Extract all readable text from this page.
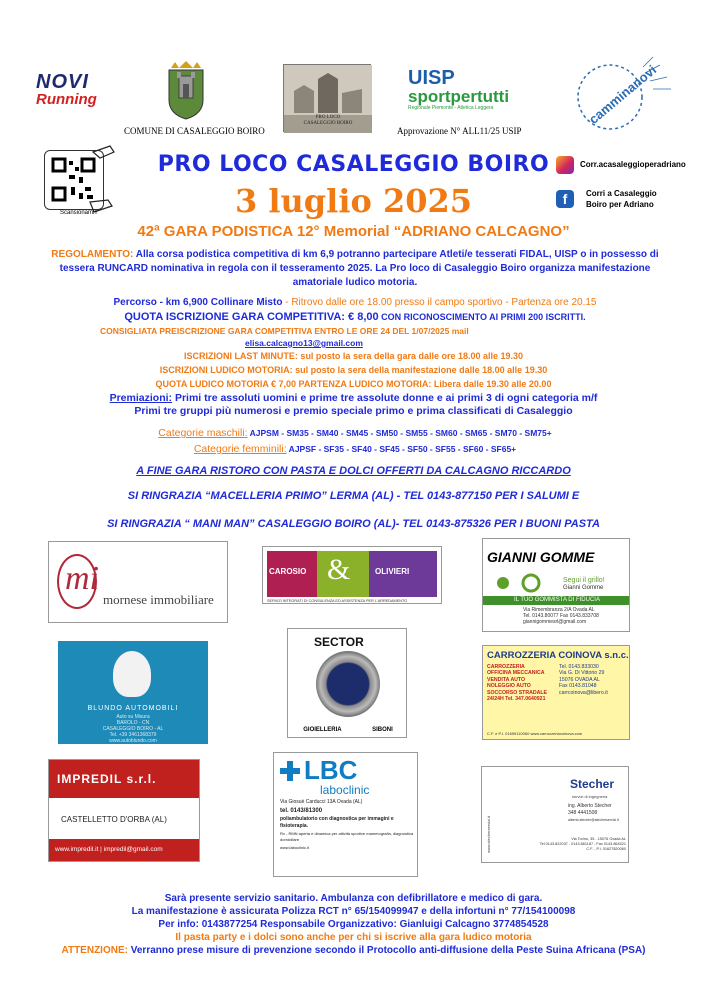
NOVI
Running
COMUNE DI CASALEGGIO BOIRO
PRO LOCO
CASALEGGIO BOIRO
UISP
sportpertutti
Regionale Piemonte - Atletica Leggera
Approvazione N° ALL11/25 USIP
camminanovi
Scansionami!!
PRO LOCO CASALEGGIO BOIRO
3 luglio 2025
Corr.acasaleggioperadriano
f	Corri a Casaleggio
Boiro per Adriano
42ª GARA PODISTICA 12° Memorial “ADRIANO CALCAGNO”
REGOLAMENTO: Alla corsa podistica competitiva di km 6,9 potranno partecipare Atleti/e tesserati FIDAL, UISP o in possesso di tessera RUNCARD nominativa in regola con il tesseramento 2025. La Pro loco di Casaleggio Boiro organizza manifestazione amatoriale ludico motoria.
Percorso - km 6,900 Collinare Misto - Ritrovo dalle ore 18.00 presso il campo sportivo - Partenza ore 20.15
QUOTA ISCRIZIONE GARA COMPETITIVA: € 8,00 CON RICONOSCIMENTO AI PRIMI 200 ISCRITTI.
CONSIGLIATA PREISCRIZIONE GARA COMPETITIVA ENTRO LE ORE 24 DEL 1/07/2025 mail
elisa.calcagno13@gmail.com
ISCRIZIONI LAST MINUTE: sul posto la sera della gara dalle ore 18.00 alle 19.30
ISCRIZIONI LUDICO MOTORIA: sul posto la sera della manifestazione dalle 18.00 alle 19.30
QUOTA LUDICO MOTORIA € 7,00 PARTENZA LUDICO MOTORIA: Libera dalle 19.30 alle 20.00
Premiazioni: Primi tre assoluti uomini e prime tre assolute donne e ai primi 3 di ogni categoria m/f
Primi tre gruppi più numerosi e premio speciale primo e prima classificati di Casaleggio
Categorie maschili: AJPSM - SM35 - SM40 - SM45 - SM50 - SM55 - SM60 - SM65 - SM70 - SM75+
Categorie femminili: AJPSF - SF35 - SF40 - SF45 - SF50 - SF55 - SF60 - SF65+
A FINE GARA RISTORO CON PASTA E DOLCI OFFERTI DA CALCAGNO RICCARDO
SI RINGRAZIA “MACELLERIA PRIMO” LERMA (AL) - TEL 0143-877150 PER I SALUMI E
SI RINGRAZIA “ MANI MAN” CASALEGGIO BOIRO (AL)- TEL 0143-875326 PER I BUONI PASTA
mi
mornese immobiliare
CAROSIO &	OLIVIERI
SERVIZI INTEGRATI DI CONSULENZA ED ASSISTENZA PER L'ARREDAMENTO
GIANNI GOMME
Segui il grillo!
Gianni Gomme
IL TUO GOMMISTA DI FIDUCIA
Via Rimembranza 2/A Ovada AL
Tel. 0143.80077 Fax 0143.833708
giannigommesrl@gmail.com
SECTOR
GIOIELLERIA	SIBONI
BLUNDO AUTOMOBILI
Auto su Misura
BAROLO - CN
CASALEGGIO BOIRO - AL
Tel. +39 3461368379
www.autoblundo.com
CARROZZERIA COINOVA s.n.c.
CARROZZERIA
OFFICINA MECCANICA
VENDITA AUTO
NOLEGGIO AUTO
SOCCORSO STRADALE
24/24H Tel. 347.0640921
Tel. 0143.833030
Via G. Di Vittorio 29
15076 OVADA AL
Fax 0143.81048
carrcoinova@libero.it
C.F. e P.I. 01659110060 www.carrozzeriacoinova.com
IMPREDIL s.r.l.
CASTELLETTO D'ORBA (AL)
www.impredil.it | impredil@gmail.com
LBC
laboclinic
Via Giosuè Carducci 13A Ovada (AL)
tel. 0143/81300
poliambulatorio con diagnostica per immagini e fisioterapia.
Rx - RMN aperta e dinamica per attività sportive mammografia, diagnostica domiciliare
www.laboclinic.it	www.stecherservizi.it
Stecher
servizi di ingegneria
ing. Alberto Stecher
348 4441508
alberto.stecher@stecherservizi.it
Via Torino, 35 - 15076 Ovada AL
Tel 0143.822037 - 0143.861187 - Fax 0143.864521
C.F. - P.I. 01627820060
Sarà presente servizio sanitario. Ambulanza con defibrillatore e medico di gara.
La manifestazione è assicurata Polizza RCT n° 65/154099947 e della infortuni n° 77/154100098
Per info: 0143877254 Responsabile Organizzativo: Gianluigi Calcagno 3774854528
Il pasta party e i dolci sono anche per chi si iscrive alla gara ludico motoria
ATTENZIONE: Verranno prese misure di prevenzione secondo il Protocollo anti-diffusione della Peste Suina Africana (PSA)
